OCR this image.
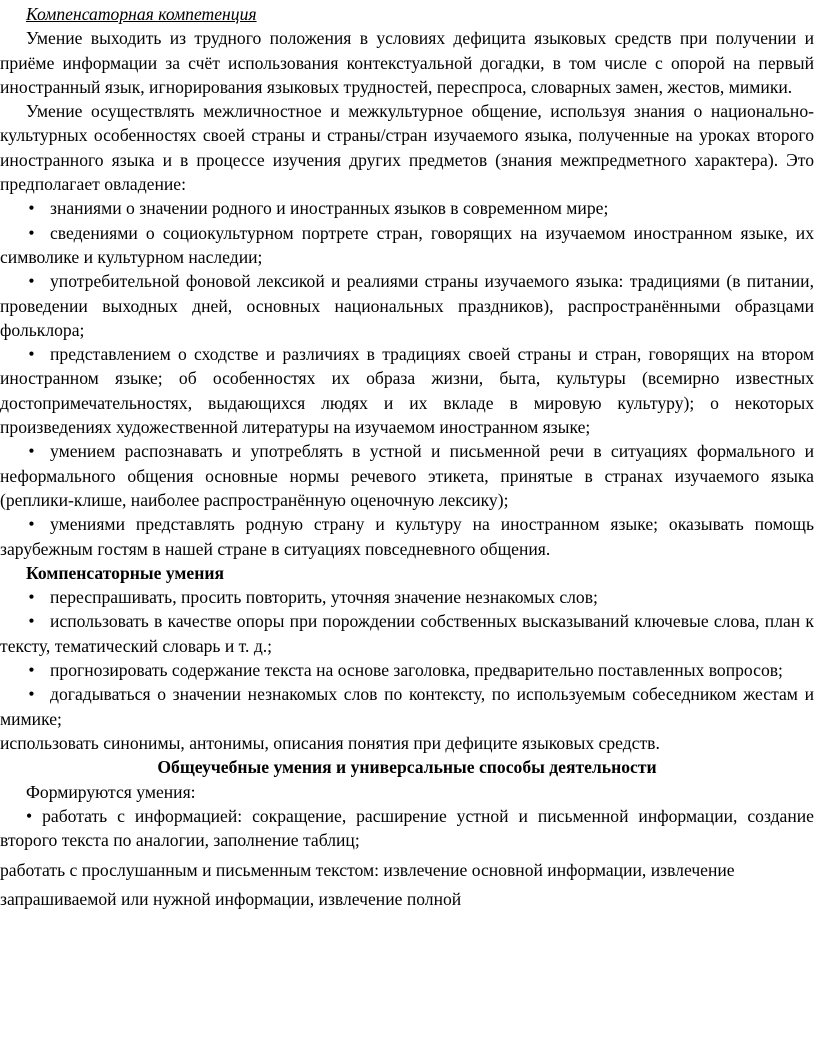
Компенсаторная компетенция

Умение выходить из трудного положения в условиях дефицита языковых средств при получении и приёме информации за счёт использования контекстуальной догадки, в том числе с опорой на первый иностранный язык, игнорирования языковых трудностей, переспроса, словарных замен, жестов, мимики.

Умение осуществлять межличностное и межкультурное общение, используя знания о национально-культурных особенностях своей страны и страны/стран изучаемого языка, полученные на уроках второго иностранного языка и в процессе изучения других предметов (знания межпредметного характера). Это предполагает овладение:

• знаниями о значении родного и иностранных языков в современном мире;

• сведениями о социокультурном портрете стран, говорящих на изучаемом иностранном языке, их символике и культурном наследии;

• употребительной фоновой лексикой и реалиями страны изучаемого языка: традициями (в питании, проведении выходных дней, основных национальных праздников), распространёнными образцами фольклора;

• представлением о сходстве и различиях в традициях своей страны и стран, говорящих на втором иностранном языке; об особенностях их образа жизни, быта, культуры (всемирно известных достопримечательностях, выдающихся людях и их вкладе в мировую культуру); о некоторых произведениях художественной литературы на изучаемом иностранном языке;

• умением распознавать и употреблять в устной и письменной речи в ситуациях формального и неформального общения основные нормы речевого этикета, принятые в странах изучаемого языка (реплики-клише, наиболее распространённую оценочную лексику);

• умениями представлять родную страну и культуру на иностранном языке; оказывать помощь зарубежным гостям в нашей стране в ситуациях повседневного общения.

Компенсаторные умения

• переспрашивать, просить повторить, уточняя значение незнакомых слов;

• использовать в качестве опоры при порождении собственных высказываний ключевые слова, план к тексту, тематический словарь и т. д.;

• прогнозировать содержание текста на основе заголовка, предварительно поставленных вопросов;

• догадываться о значении незнакомых слов по контексту, по используемым собеседником жестам и мимике;

использовать синонимы, антонимы, описания понятия при дефиците языковых средств.

Общеучебные умения и универсальные способы деятельности

Формируются умения:

• работать с информацией: сокращение, расширение устной и письменной информации, создание второго текста по аналогии, заполнение таблиц;

работать с прослушанным и письменным текстом: извлечение основной информации, извлечение запрашиваемой или нужной информации, извлечение полной
